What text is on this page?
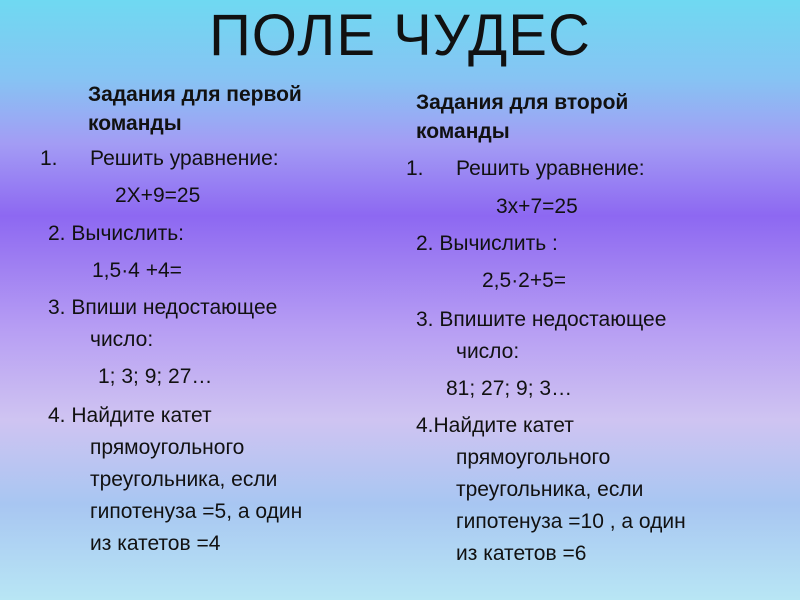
ПОЛЕ ЧУДЕС
Задания для первой команды
1. Решить уравнение:
2X+9=25
2. Вычислить:
1,5·4 +4=
3. Впиши недостающее
число:
1; 3; 9; 27…
4. Найдите катет
прямоугольного
треугольника, если
гипотенуза =5, а один
из катетов =4
Задания для второй команды
1. Решить уравнение:
3х+7=25
2. Вычислить :
2,5·2+5=
3. Впишите недостающее
число:
81; 27; 9; 3…
4.Найдите катет
прямоугольного
треугольника, если
гипотенуза =10 , а один
из катетов =6
